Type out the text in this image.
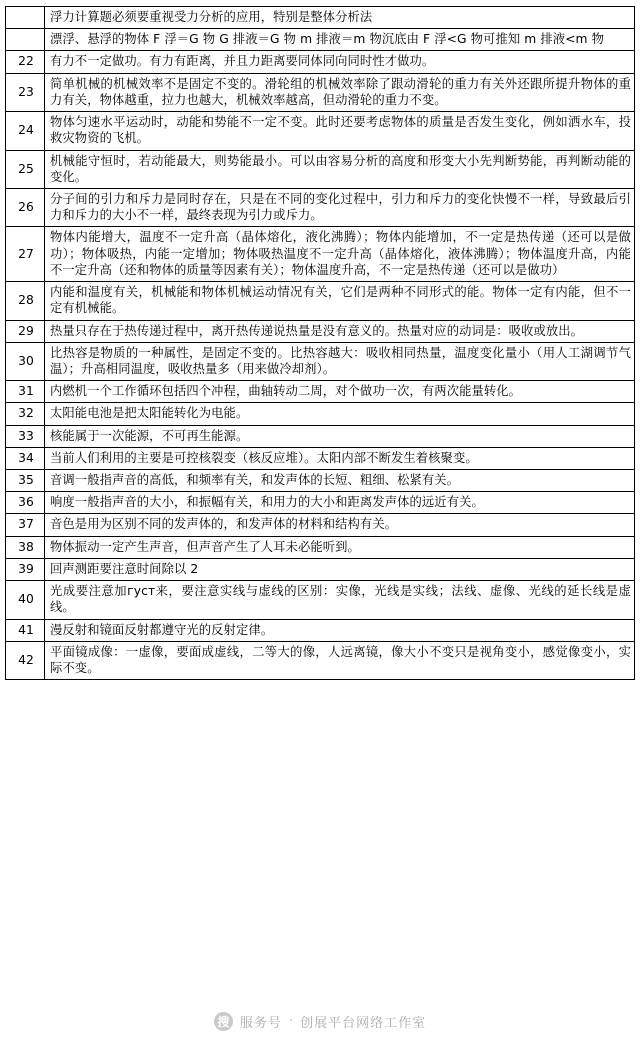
	浮力计算题必须要重视受力分析的应用，特别是整体分析法
	漂浮、悬浮的物体 F 浮＝G 物 G 排液＝G 物 m 排液＝m 物沉底由 F 浮<G 物可推知 m 排液<m 物
22	有力不一定做功。有力有距离，并且力距离要同体同向同时性才做功。
23	简单机械的机械效率不是固定不变的。滑轮组的机械效率除了跟动滑轮的重力有关外还跟所提升物体的重力有关，物体越重，拉力也越大，机械效率越高，但动滑轮的重力不变。
24	物体匀速水平运动时，动能和势能不一定不变。此时还要考虑物体的质量是否发生变化，例如洒水车，投救灾物资的飞机。
25	机械能守恒时，若动能最大，则势能最小。可以由容易分析的高度和形变大小先判断势能，再判断动能的变化。
26	分子间的引力和斥力是同时存在，只是在不同的变化过程中，引力和斥力的变化快慢不一样，导致最后引力和斥力的大小不一样，最终表现为引力或斥力。
27	物体内能增大，温度不一定升高（晶体熔化，液化沸腾）；物体内能增加，不一定是热传递（还可以是做功）；物体吸热，内能一定增加；物体吸热温度不一定升高（晶体熔化，液体沸腾）；物体温度升高，内能不一定升高（还和物体的质量等因素有关）；物体温度升高，不一定是热传递（还可以是做功）
28	内能和温度有关，机械能和物体机械运动情况有关，它们是两种不同形式的能。物体一定有内能，但不一定有机械能。
29	热量只存在于热传递过程中，离开热传递说热量是没有意义的。热量对应的动词是：吸收或放出。
30	比热容是物质的一种属性，是固定不变的。比热容越大：吸收相同热量，温度变化量小（用人工湖调节气温）；升高相同温度，吸收热量多（用来做冷却剂）。
31	内燃机一个工作循环包括四个冲程，曲轴转动二周，对个做功一次，有两次能量转化。
32	太阳能电池是把太阳能转化为电能。
33	核能属于一次能源，不可再生能源。
34	当前人们利用的主要是可控核裂变（核反应堆）。太阳内部不断发生着核聚变。
35	音调一般指声音的高低，和频率有关，和发声体的长短、粗细、松紧有关。
36	响度一般指声音的大小，和振幅有关，和用力的大小和距离发声体的远近有关。
37	音色是用为区别不同的发声体的，和发声体的材料和结构有关。
38	物体振动一定产生声音，但声音产生了人耳未必能听到。
39	回声测距要注意时间除以 2
40	光成要注意加густ来，要注意实线与虚线的区别：实像，光线是实线；法线、虚像、光线的延长线是虚线。
41	漫反射和镜面反射都遵守光的反射定律。
42	平面镜成像：一虚像，要面成虚线，二等大的像，人远离镜，像大小不变只是视角变小，感觉像变小，实际不变。
搜 服务号 · 创展平台网络工作室
